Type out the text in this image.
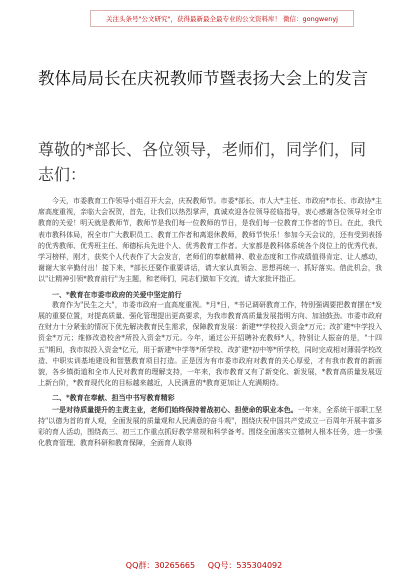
关注头条号"公文研究"，获得最新最全最专业的公文资料库！ 微信：gongwenyj
教体局局长在庆祝教师节暨表扬大会上的发言
尊敬的*部长、各位领导，老师们，同学们，同志们：

今天，市委教育工作领导小组召开大会，庆祝教师节。市委*部长、市人大*主任、市政府*市长、市政协*主席高度重视，亲临大会祝贺，首先，让我们以热烈掌声，真诚欢迎各位领导莅临指导，衷心感谢各位领导对全市教育的关爱！明天就是教师节，教师节是我们每一位教师的节日，是我们每一位教育工作者的节日。在此，我代表市教科体局，祝全市广大教职员工、教育工作者和离退休教师，教师节快乐！参加今天会议的，还有受到表扬的优秀教师、优秀班主任、师德标兵先进个人、优秀教育工作者。大家都是教科体系统各个岗位上的优秀代表、学习榜样，刚才，获奖个人代表作了大会发言，老师们的奉献精神、敬业态度和工作成绩值得肯定、让人感动，谢谢大家辛勤付出！接下来，*部长还要作重要讲话，请大家认真领会、思想再统一、抓好落实。借此机会，我以"让精神引领*教育前行"为主题，和老师们，同志们做如下交流，请大家批评指正。

一、*教育在市委市政府的关爱中坚定前行

教育作为"民生之大"，市委市政府一直高度重视。*月*日，*书记调研教育工作，特别强调要把教育摆在*发展的重要位置，对提高质量、强化管理提出更高要求，为我市教育高质量发展指明方向、加油鼓劲。市委市政府在财力十分紧张的情况下优先解决教育民生需求，保障教育发展：新建**学校投入资金*万元；改扩建*中学投入资金*万元；维修改造校舍*所投入资金*万元。今年，通过公开招聘补充教师*人，特别让人振奋的是，"十四五"期间，我市拟投入资金*亿元，用于新建*中学等*所学校、改扩建*初中等*所学校，同时完成相对薄弱学校改造、中职实训基地建设和智慧教育项目打造。正是因为有市委市政府对教育的关心厚爱，才有我市教育的新面貌，各乡镇街道和全市人民对教育的理解支持，一年来，我市教育又有了新变化、新发展，*教育高质量发展迈上新台阶，*教育现代化的目标越来越近，人民满意的*教育更加让人充满期待。

二、*教育在奉献、担当中书写教育精彩

一是对待质量提升的主责主业，老师们始终保持着战初心、担使命的职业本色。一年来，全系统干部职工坚持"以德为首的育人观，全面发展的质量观和人民满意的奋斗观"，围绕庆祝中国共产党成立一百周年开展丰富多彩的育人活动，围绕高三、初三工作重点抓好教学常规和科学备考。围绕全面落实立德树人根本任务，进一步强化教育管理、教育科研和教育保障，全面育人取得

QQ群：30265665     QQ号：535304092
